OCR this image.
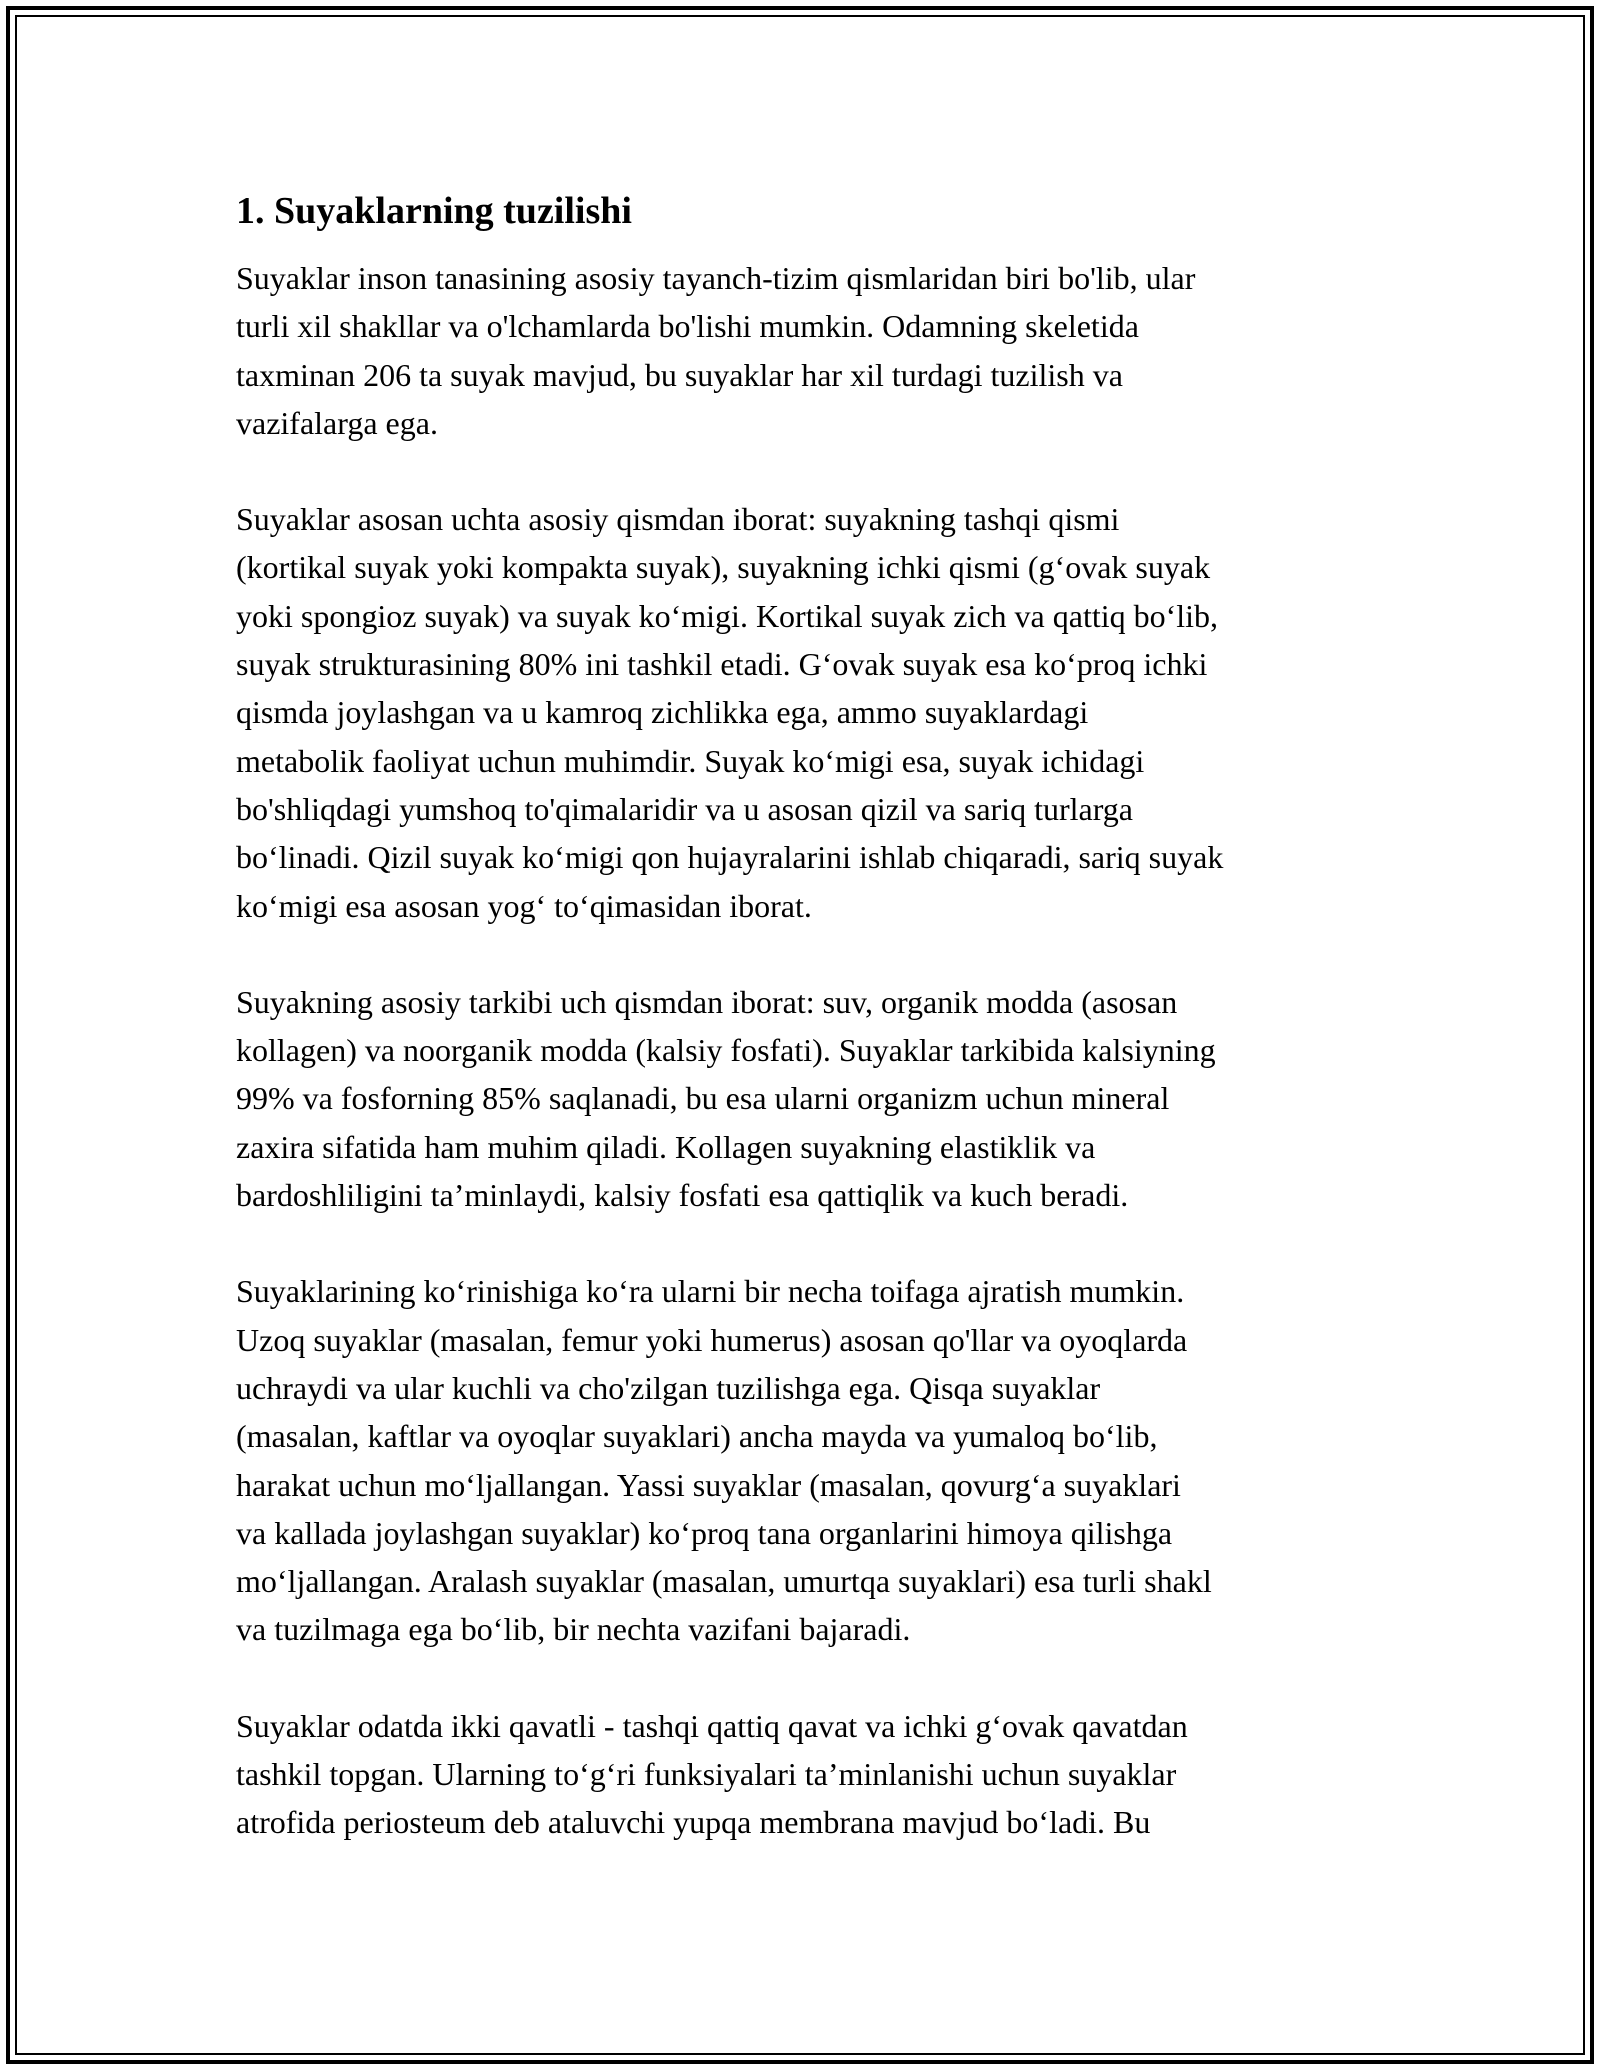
1. Suyaklarning tuzilishi
Suyaklar inson tanasining asosiy tayanch-tizim qismlaridan biri bo'lib, ular
turli xil shakllar va o'lchamlarda bo'lishi mumkin. Odamning skeletida
taxminan 206 ta suyak mavjud, bu suyaklar har xil turdagi tuzilish va
vazifalarga ega.
Suyaklar asosan uchta asosiy qismdan iborat: suyakning tashqi qismi
(kortikal suyak yoki kompakta suyak), suyakning ichki qismi (g‘ovak suyak
yoki spongioz suyak) va suyak ko‘migi. Kortikal suyak zich va qattiq bo‘lib,
suyak strukturasining 80% ini tashkil etadi. G‘ovak suyak esa ko‘proq ichki
qismda joylashgan va u kamroq zichlikka ega, ammo suyaklardagi
metabolik faoliyat uchun muhimdir. Suyak ko‘migi esa, suyak ichidagi
bo'shliqdagi yumshoq to'qimalaridir va u asosan qizil va sariq turlarga
bo‘linadi. Qizil suyak ko‘migi qon hujayralarini ishlab chiqaradi, sariq suyak
ko‘migi esa asosan yog‘ to‘qimasidan iborat.
Suyakning asosiy tarkibi uch qismdan iborat: suv, organik modda (asosan
kollagen) va noorganik modda (kalsiy fosfati). Suyaklar tarkibida kalsiyning
99% va fosforning 85% saqlanadi, bu esa ularni organizm uchun mineral
zaxira sifatida ham muhim qiladi. Kollagen suyakning elastiklik va
bardoshliligini ta’minlaydi, kalsiy fosfati esa qattiqlik va kuch beradi.
Suyaklarining ko‘rinishiga ko‘ra ularni bir necha toifaga ajratish mumkin.
Uzoq suyaklar (masalan, femur yoki humerus) asosan qo'llar va oyoqlarda
uchraydi va ular kuchli va cho'zilgan tuzilishga ega. Qisqa suyaklar
(masalan, kaftlar va oyoqlar suyaklari) ancha mayda va yumaloq bo‘lib,
harakat uchun mo‘ljallangan. Yassi suyaklar (masalan, qovurg‘a suyaklari
va kallada joylashgan suyaklar) ko‘proq tana organlarini himoya qilishga
mo‘ljallangan. Aralash suyaklar (masalan, umurtqa suyaklari) esa turli shakl
va tuzilmaga ega bo‘lib, bir nechta vazifani bajaradi.
Suyaklar odatda ikki qavatli - tashqi qattiq qavat va ichki g‘ovak qavatdan
tashkil topgan. Ularning to‘g‘ri funksiyalari ta’minlanishi uchun suyaklar
atrofida periosteum deb ataluvchi yupqa membrana mavjud bo‘ladi. Bu
